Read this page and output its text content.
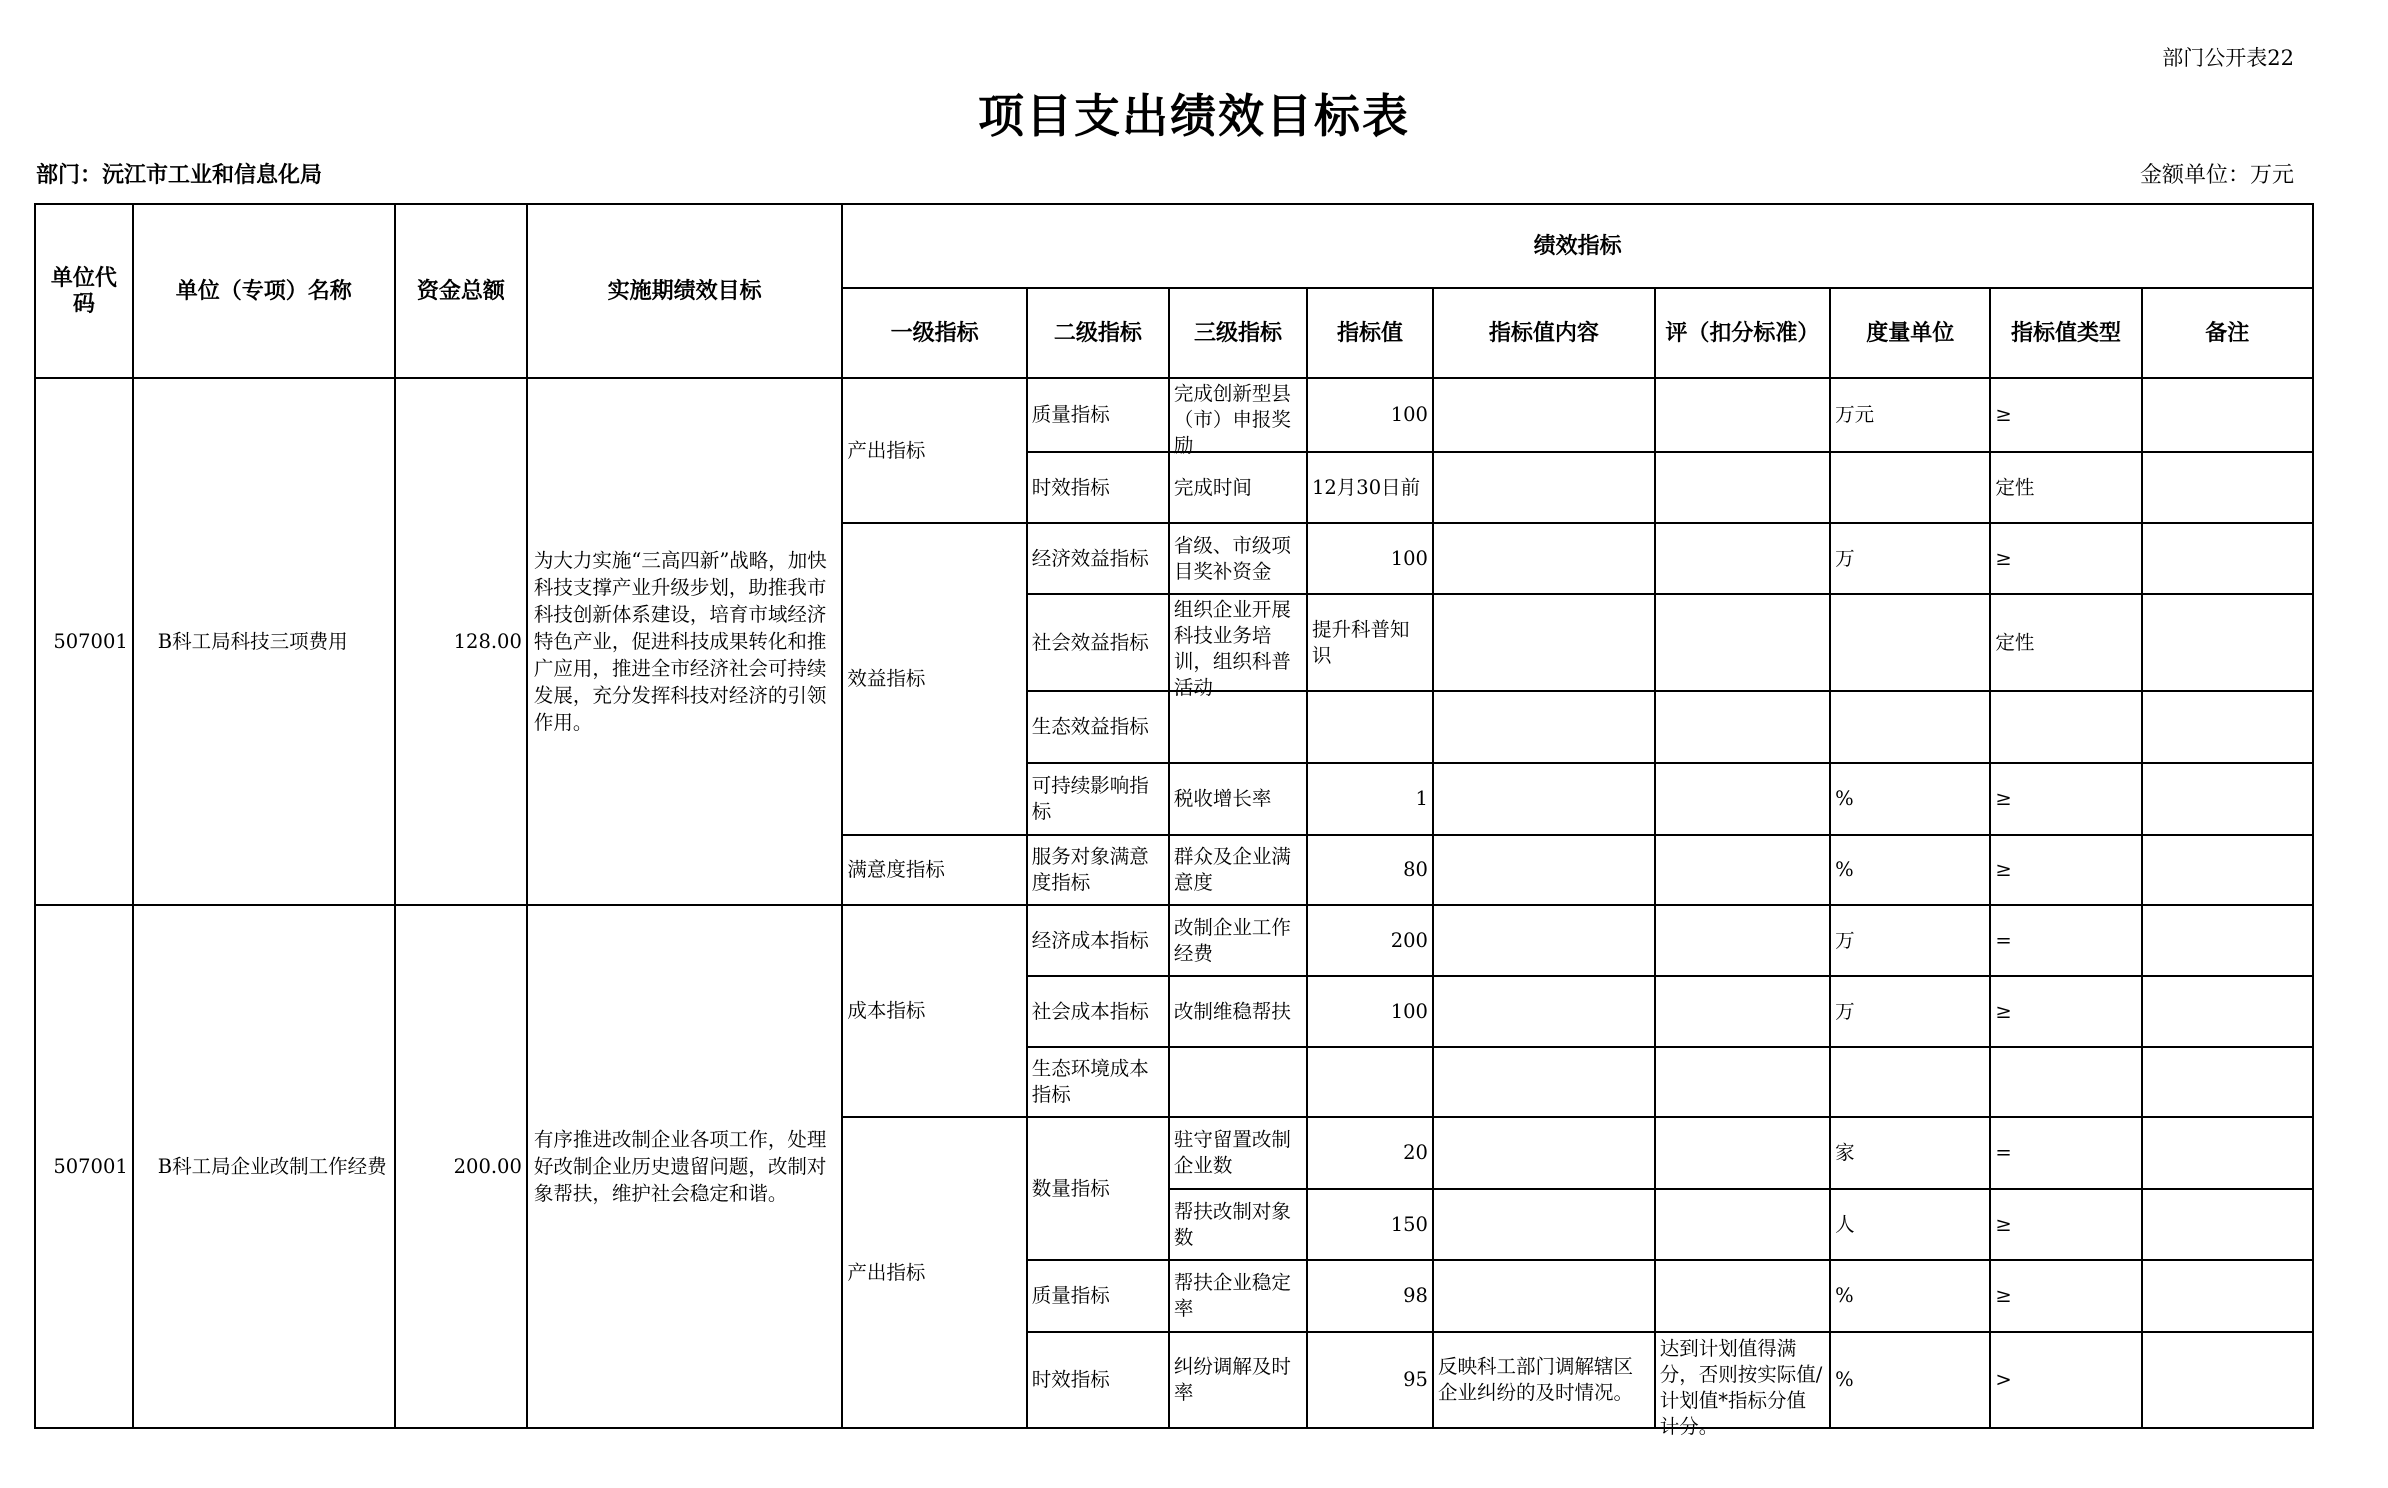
部门公开表22
项目支出绩效目标表
部门：沅江市工业和信息化局	金额单位：万元
单位代码	单位（专项）名称	资金总额	实施期绩效目标	绩效指标								
				一级指标	二级指标	三级指标	指标值	指标值内容	评（扣分标准）	度量单位	指标值类型	备注
507001	B科工局科技三项费用	128.00	为大力实施“三高四新”战略，加快科技支撑产业升级步划，助推我市科技创新体系建设，培育市域经济特色产业，促进科技成果转化和推广应用，推进全市经济社会可持续发展，充分发挥科技对经济的引领作用。	产出指标	质量指标	完成创新型县（市）申报奖励	100			万元	≥	
					时效指标	完成时间	12月30日前				定性	
				效益指标	经济效益指标	省级、市级项目奖补资金	100			万	≥	
					社会效益指标	组织企业开展科技业务培训，组织科普活动	提升科普知识				定性	
					生态效益指标							
					可持续影响指标	税收增长率	1			%	≥	
				满意度指标	服务对象满意度指标	群众及企业满意度	80			%	≥	
507001	B科工局企业改制工作经费	200.00	有序推进改制企业各项工作，处理好改制企业历史遗留问题，改制对象帮扶，维护社会稳定和谐。	成本指标	经济成本指标	改制企业工作经费	200			万	=	
					社会成本指标	改制维稳帮扶	100			万	≥	
					生态环境成本指标							
				产出指标	数量指标	驻守留置改制企业数	20			家	=	
						帮扶改制对象数	150			人	≥	
					质量指标	帮扶企业稳定率	98			%	≥	
					时效指标	纠纷调解及时率	95	反映科工部门调解辖区企业纠纷的及时情况。	达到计划值得满分，否则按实际值/计划值*指标分值计分。	%	>	
